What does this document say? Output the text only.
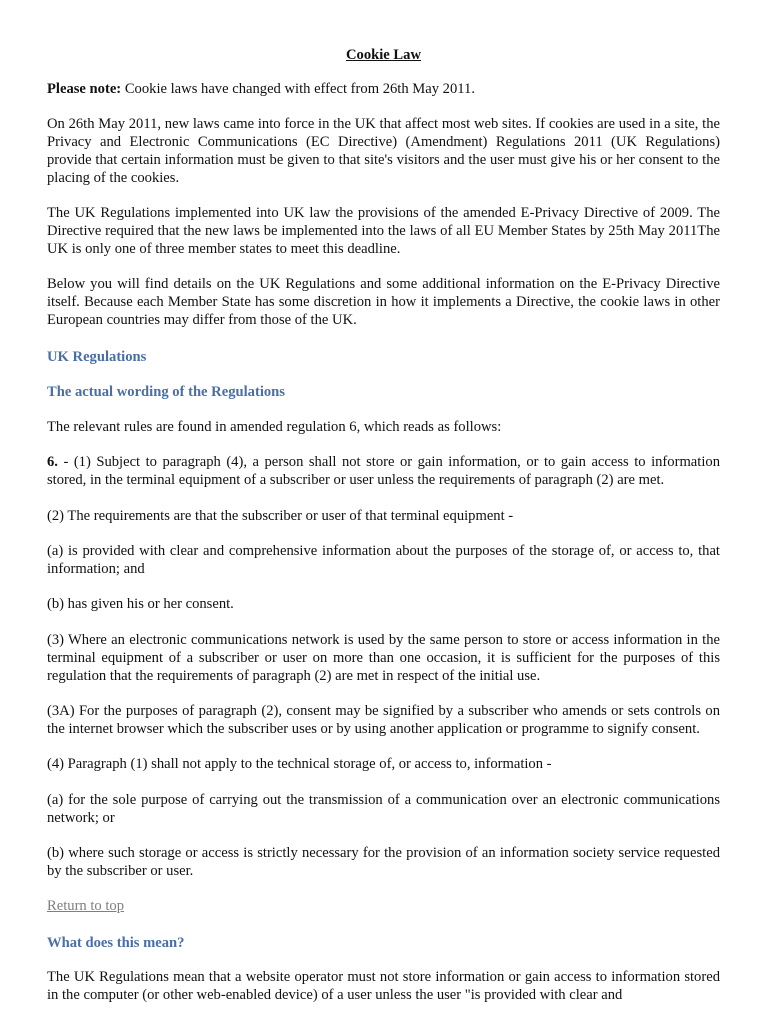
Cookie Law

Please note: Cookie laws have changed with effect from 26th May 2011.

On 26th May 2011, new laws came into force in the UK that affect most web sites. If cookies are used in a site, the Privacy and Electronic Communications (EC Directive) (Amendment) Regulations 2011 (UK Regulations) provide that certain information must be given to that site's visitors and the user must give his or her consent to the placing of the cookies.

The UK Regulations implemented into UK law the provisions of the amended E-Privacy Directive of 2009. The Directive required that the new laws be implemented into the laws of all EU Member States by 25th May 2011The UK is only one of three member states to meet this deadline.

Below you will find details on the UK Regulations and some additional information on the E-Privacy Directive itself. Because each Member State has some discretion in how it implements a Directive, the cookie laws in other European countries may differ from those of the UK.

UK Regulations
The actual wording of the Regulations

The relevant rules are found in amended regulation 6, which reads as follows:

6. - (1) Subject to paragraph (4), a person shall not store or gain information, or to gain access to information stored, in the terminal equipment of a subscriber or user unless the requirements of paragraph (2) are met.

(2) The requirements are that the subscriber or user of that terminal equipment -

(a) is provided with clear and comprehensive information about the purposes of the storage of, or access to, that information; and

(b) has given his or her consent.

(3) Where an electronic communications network is used by the same person to store or access information in the terminal equipment of a subscriber or user on more than one occasion, it is sufficient for the purposes of this regulation that the requirements of paragraph (2) are met in respect of the initial use.

(3A) For the purposes of paragraph (2), consent may be signified by a subscriber who amends or sets controls on the internet browser which the subscriber uses or by using another application or programme to signify consent.

(4) Paragraph (1) shall not apply to the technical storage of, or access to, information -

(a) for the sole purpose of carrying out the transmission of a communication over an electronic communications network; or

(b) where such storage or access is strictly necessary for the provision of an information society service requested by the subscriber or user.

Return to top

What does this mean?

The UK Regulations mean that a website operator must not store information or gain access to information stored in the computer (or other web-enabled device) of a user unless the user "is provided with clear and
